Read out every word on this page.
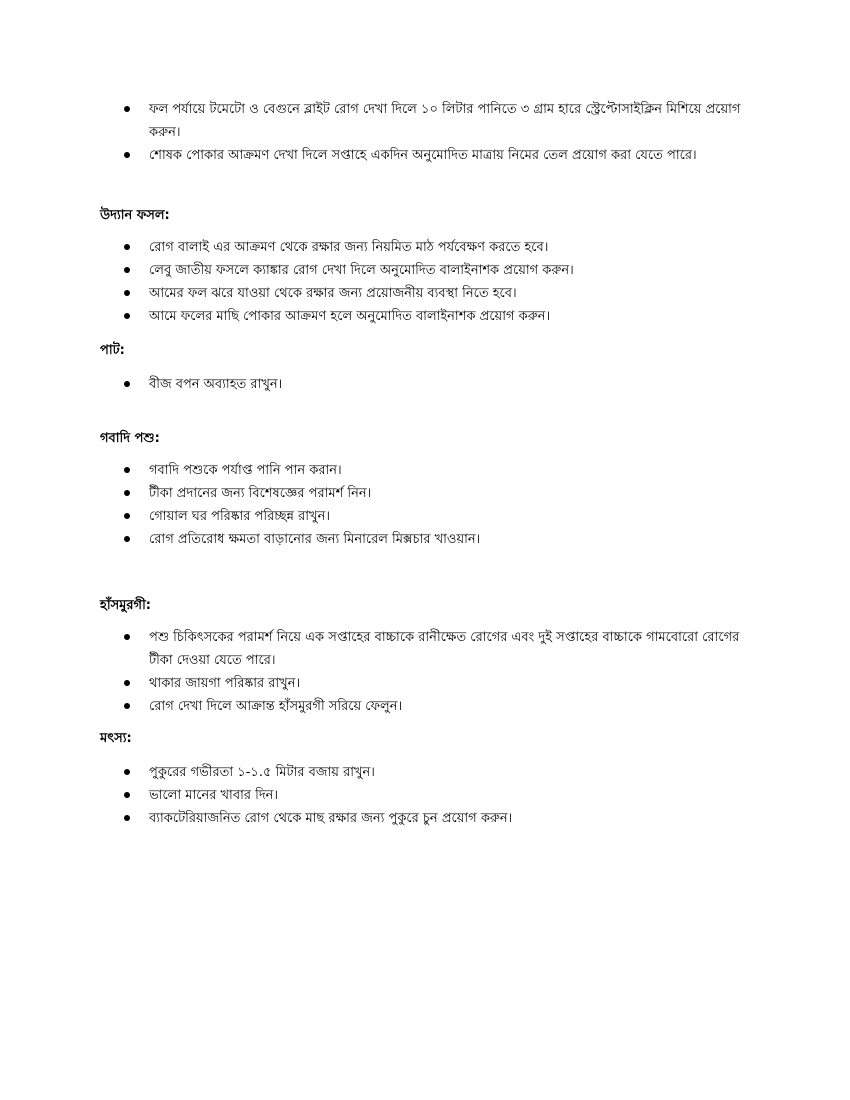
ফল পর্যায়ে টমেটো ও বেগুনে ব্লাইট রোগ দেখা দিলে ১০ লিটার পানিতে ৩ গ্রাম হারে স্ট্রেপ্টোসাইক্লিন মিশিয়ে প্রয়োগ করুন।
শোষক পোকার আক্রমণ দেখা দিলে সপ্তাহে একদিন অনুমোদিত মাত্রায় নিমের তেল প্রয়োগ করা যেতে পারে।
উদ্যান ফসল:
রোগ বালাই এর আক্রমণ থেকে রক্ষার জন্য নিয়মিত মাঠ পর্যবেক্ষণ করতে হবে।
লেবু জাতীয় ফসলে ক্যাঙ্কার রোগ দেখা দিলে অনুমোদিত বালাইনাশক প্রয়োগ করুন।
আমের ফল ঝরে যাওয়া থেকে রক্ষার জন্য প্রয়োজনীয় ব্যবস্থা নিতে হবে।
আমে ফলের মাছি পোকার আক্রমণ হলে অনুমোদিত বালাইনাশক প্রয়োগ করুন।
পাট:
বীজ বপন অব্যাহত রাখুন।
গবাদি পশু:
গবাদি পশুকে পর্যাপ্ত পানি পান করান।
টীকা প্রদানের জন্য বিশেষজ্ঞের পরামর্শ নিন।
গোয়াল ঘর পরিষ্কার পরিচ্ছন্ন রাখুন।
রোগ প্রতিরোধ ক্ষমতা বাড়ানোর জন্য মিনারেল মিক্সচার খাওয়ান।
হাঁসমুরগী:
পশু চিকিৎসকের পরামর্শ নিয়ে এক সপ্তাহের বাচ্চাকে রানীক্ষেত রোগের এবং দুই সপ্তাহের বাচ্চাকে গামবোরো রোগের টীকা দেওয়া যেতে পারে।
থাকার জায়গা পরিষ্কার রাখুন।
রোগ দেখা দিলে আক্রান্ত হাঁসমুরগী সরিয়ে ফেলুন।
মৎস্য:
পুকুরের গভীরতা ১-১.৫ মিটার বজায় রাখুন।
ভালো মানের খাবার দিন।
ব্যাকটেরিয়াজনিত রোগ থেকে মাছ রক্ষার জন্য পুকুরে চুন প্রয়োগ করুন।
